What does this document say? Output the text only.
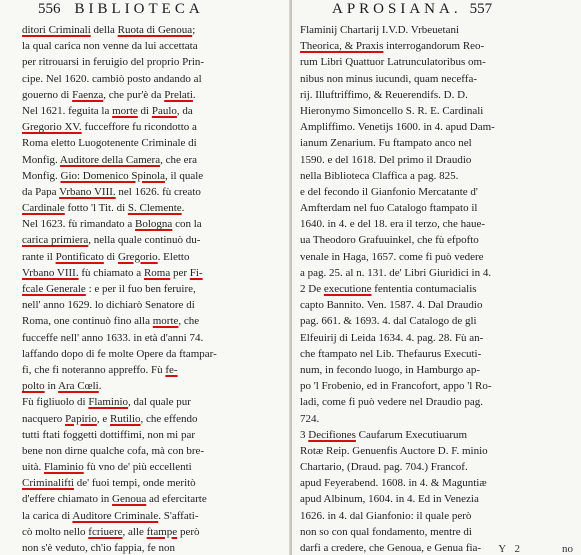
556 BIBLIOTECA
ditori Criminali della Ruota di Genoua;
la qual carica non venne da lui accettata
per ritrouarsi in feruigio del proprio Prin-
cipe. Nel 1620. cambiò posto andando al
gouerno di Faenza, che pur'è da Prelati.
Nel 1621. feguita la morte di Paulo, da
Gregorio XV. fucceffore fu ricondotto a
Roma eletto Luogotenente Criminale di
Monfig. Auditore della Camera, che era
Monfig. Gio: Domenico Spinola, il quale
da Papa Vrbano VIII. nel 1626. fù creato
Cardinale fotto 'l Tit. di S. Clemente.
Nel 1623. fù rimandato a Bologna con la
carica primiera, nella quale continuò du-
rante il Pontificato di Gregorio. Eletto
Vrbano VIII. fù chiamato a Roma per Fi-
fcale Generale : e per il fuo ben feruire,
nell' anno 1629. lo dichiarò Senatore di
Roma, one continuò fino alla morte, che
fucceffe nell' anno 1633. in età d'anni 74.
laffando dopo di fe molte Opere da ftampar-
fi, che fi noteranno appreffo. Fù fe-
polto in Ara Cœli.
Fù figliuolo di Flaminio, dal quale pur
nacquero Papirio, e Rutilio, che effendo
tutti ftati foggetti dottiffimi, non mi par
bene non dirne qualche cofa, mà con bre-
uità. Flaminio fù vno de' più eccellenti
Criminalifti de' fuoi tempi, onde meritò
d'effere chiamato in Genoua ad efercitarte
la carica di Auditore Criminale. S'affati-
cò molto nello fcriuere, alle ftampe però
non s'è veduto, ch'io fappia, fe non
APROSIANA. 557
Flaminij Chartarij I.V.D. Vrbeuetani
Theorica, & Praxis interrogandorum Reo-
rum Libri Quattuor Latrunculatoribus om-
nibus non minus iucundi, quam neceffa-
rij. Illuftriffimo, & Reuerendifs. D. D.
Hieronymo Simoncello S. R. E. Cardinali
Ampliffimo. Venetijs 1600. in 4. apud Dam-
ianum Zenarium. Fu ftampato anco nel
1590. e del 1618. Del primo il Draudio
nella Biblioteca Claffica a pag. 825.
e del fecondo il Gianfonio Mercatante d'
Amfterdam nel fuo Catalogo ftampato il
1640. in 4. e del 18. era il terzo, che haue-
ua Theodoro Grafuuinkel, che fù efpofto
venale in Haga, 1657. come fi può vedere
a pag. 25. al n. 131. de' Libri Giuridici in 4.
2 De executione fententia contumacialis
capto Bannito. Ven. 1587. 4. Dal Draudio
pag. 661. & 1693. 4. dal Catalogo de gli
Elfeuirij di Leida 1634. 4. pag. 28. Fù an-
che ftampato nel Lib. Thefaurus Executi-
num, in fecondo luogo, in Hamburgo ap-
po 'l Frobenio, ed in Francofort, appo 'l Ro-
ladi, come fi può vedere nel Draudio pag.
724.
3 Decifiones Caufarum Executiuarum
Rotæ Reip. Genuenfis Auctore D. F. minio
Chartario, (Draud. pag. 704.) Francof.
apud Feyerabend. 1608. in 4. & Maguntiæ
apud Albinum, 1604. in 4. Ed in Venezia
1626. in 4. dal Gianfonio: il quale però
non so con qual fondamento, mentre di
darfi a credere, che Genoua, e Genua fia-	Y 2	no
